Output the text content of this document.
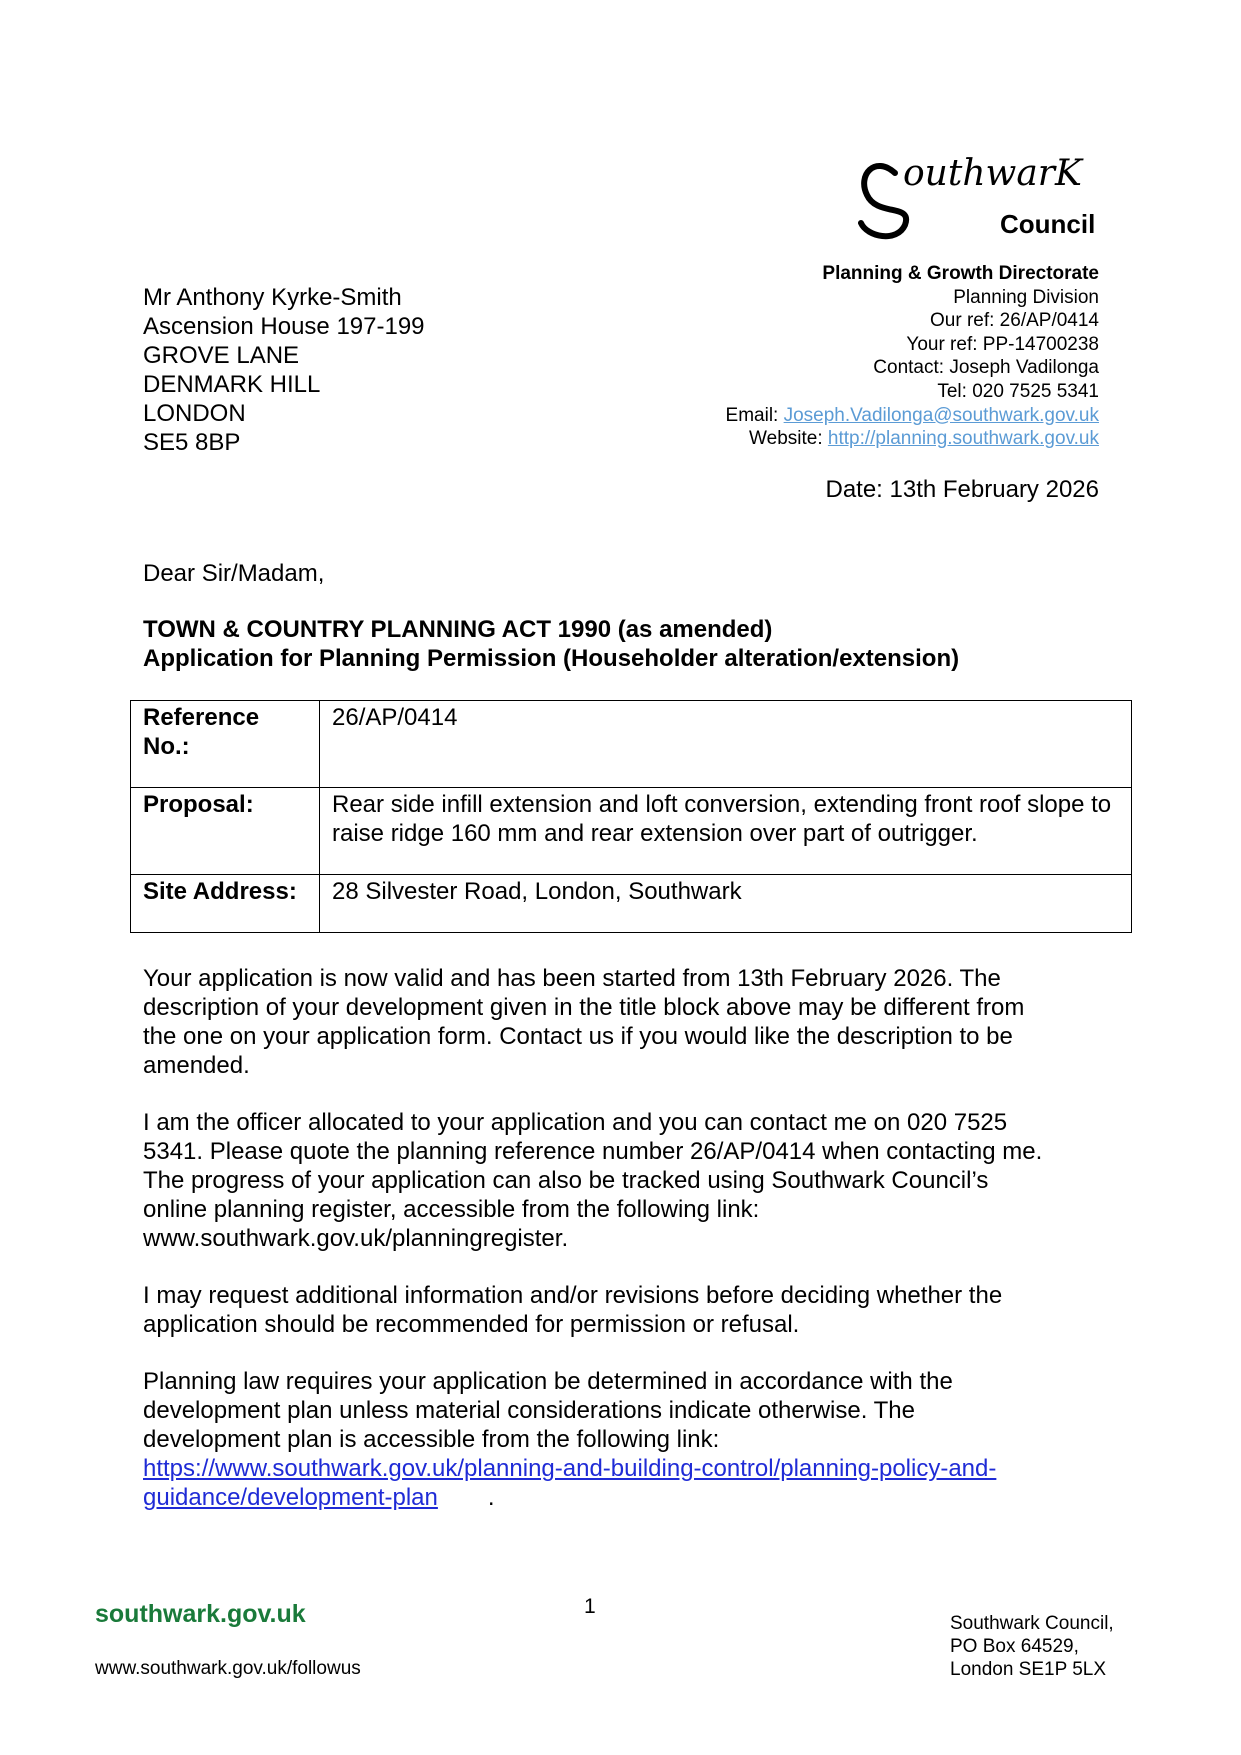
outhwarK
Council
Mr Anthony Kyrke-Smith
Ascension House 197-199
GROVE LANE
DENMARK HILL
LONDON
SE5 8BP
Planning & Growth Directorate
Planning Division
Our ref: 26/AP/0414
Your ref: PP-14700238
Contact: Joseph Vadilonga
Tel: 020 7525 5341
Email: Joseph.Vadilonga@southwark.gov.uk
Website: http://planning.southwark.gov.uk
Date: 13th February 2026
Dear Sir/Madam,
TOWN & COUNTRY PLANNING ACT 1990 (as amended)
Application for Planning Permission (Householder alteration/extension)
Reference No.:	26/AP/0414
Proposal:	Rear side infill extension and loft conversion, extending front roof slope to raise ridge 160 mm and rear extension over part of outrigger.
Site Address:	28 Silvester Road, London, Southwark

Your application is now valid and has been started from 13th February 2026. The
description of your development given in the title block above may be different from
the one on your application form. Contact us if you would like the description to be
amended.

I am the officer allocated to your application and you can contact me on 020 7525
5341. Please quote the planning reference number 26/AP/0414 when contacting me.
The progress of your application can also be tracked using Southwark Council’s
online planning register, accessible from the following link:
www.southwark.gov.uk/planningregister.

I may request additional information and/or revisions before deciding whether the
application should be recommended for permission or refusal.

Planning law requires your application be determined in accordance with the
development plan unless material considerations indicate otherwise. The
development plan is accessible from the following link:
https://www.southwark.gov.uk/planning-and-building-control/planning-policy-and-
guidance/development-plan .

1
southwark.gov.uk
www.southwark.gov.uk/followus
Southwark Council,
PO Box 64529,
London SE1P 5LX
